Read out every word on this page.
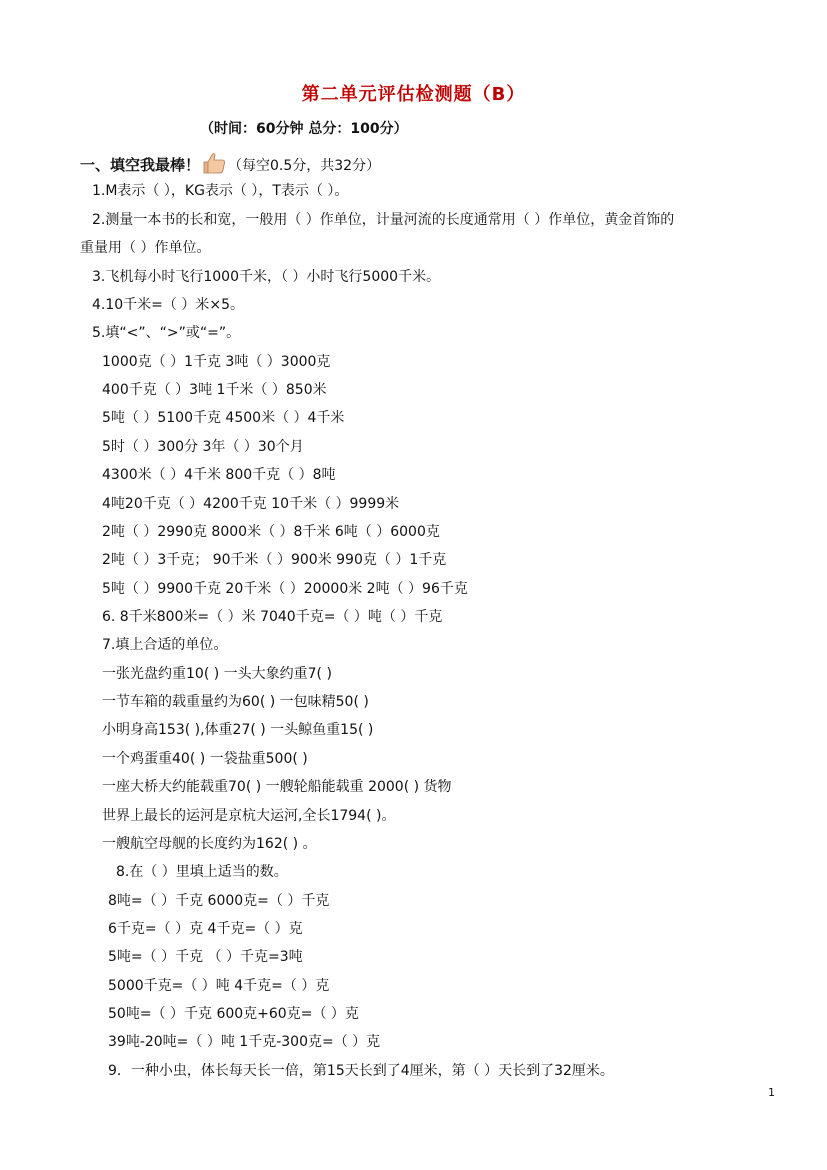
第二单元评估检测题（B）
（时间：60分钟 总分：100分）
一、填空我最棒！ （每空0.5分，共32分）
1.M表示（ ），KG表示（ ），T表示（ ）。
2.测量一本书的长和宽，一般用（ ）作单位，计量河流的长度通常用（ ）作单位，黄金首饰的
重量用（ ）作单位。
3.飞机每小时飞行1000千米，（ ）小时飞行5000千米。
4.10千米=（ ）米×5。
5.填“<”、“>”或“=”。
1000克（ ）1千克 3吨（ ）3000克
400千克（ ）3吨 1千米（ ）850米
5吨（ ）5100千克 4500米（ ）4千米
5时（ ）300分 3年（ ）30个月
4300米（ ）4千米 800千克（ ）8吨
4吨20千克（ ）4200千克 10千米（ ）9999米
2吨（ ）2990克 8000米（ ）8千米 6吨（ ）6000克
2吨（ ）3千克； 90千米（ ）900米 990克（ ）1千克
5吨（ ）9900千克 20千米（ ）20000米 2吨（ ）96千克
6. 8千米800米=（ ）米 7040千克=（ ）吨（ ）千克
7.填上合适的单位。
一张光盘约重10( ) 一头大象约重7( )
一节车箱的载重量约为60( ) 一包味精50( )
小明身高153( ),体重27( ) 一头鲸鱼重15( )
一个鸡蛋重40( ) 一袋盐重500( )
一座大桥大约能载重70( ) 一艘轮船能载重 2000( ) 货物
世界上最长的运河是京杭大运河,全长1794( )。
一艘航空母舰的长度约为162( ) 。
8.在（ ）里填上适当的数。
8吨=（ ）千克 6000克=（ ）千克
6千克=（ ）克 4千克=（ ）克
5吨=（ ）千克 （ ）千克=3吨
5000千克=（ ）吨 4千克=（ ）克
50吨=（ ）千克 600克+60克=（ ）克
39吨-20吨=（ ）吨 1千克-300克=（ ）克
9．一种小虫，体长每天长一倍，第15天长到了4厘米，第（ ）天长到了32厘米。
1
